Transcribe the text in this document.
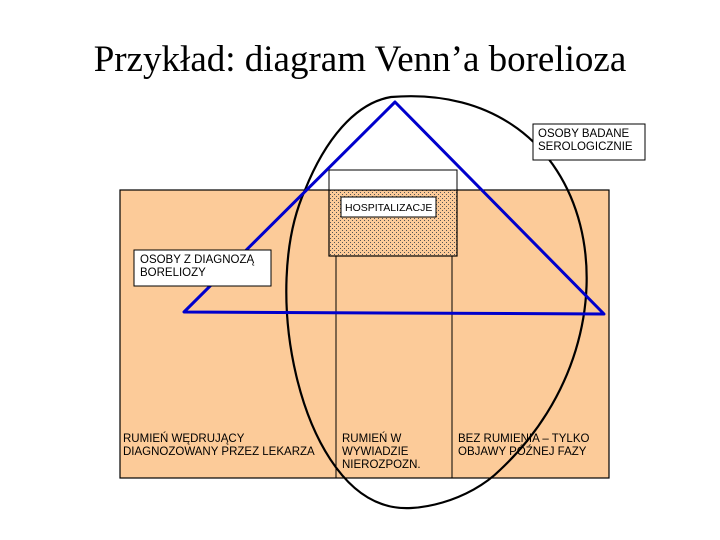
Przykład: diagram Venn’a borelioza
OSOBY BADANE
SEROLOGICZNIE
HOSPITALIZACJE
OSOBY Z DIAGNOZĄ
BORELIOZY
RUMIEŃ WĘDRUJĄCY
DIAGNOZOWANY PRZEZ LEKARZA
RUMIEŃ W
WYWIADZIE
NIEROZPOZN.
BEZ RUMIENIA – TYLKO
OBJAWY PÓŹNEJ FAZY
